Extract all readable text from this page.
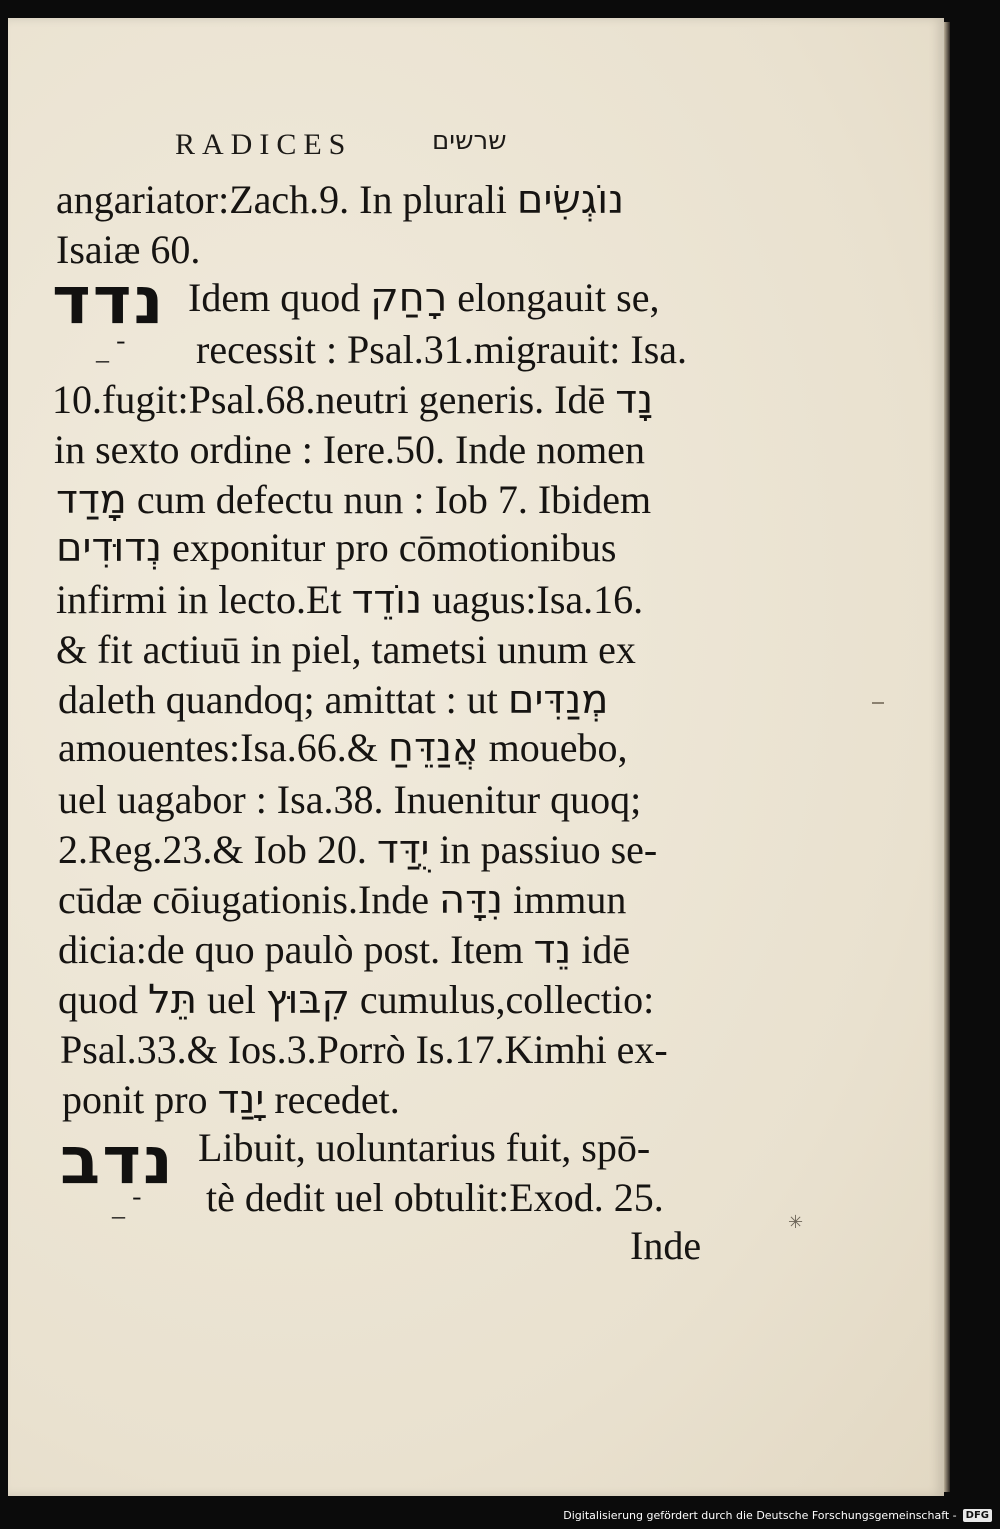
RADICES	שרשים
נדד
_ ־
נדב
_ ־
angariator:Zach.9. In plurali נוֹגְשִׂים
Isaiæ 60.
Idem quod רָחַק elongauit se,
recessit : Psal.31.migrauit: Isa.
10.fugit:Psal.68.neutri generis. Idē נָד
in sexto ordine : Iere.50. Inde nomen
מָדַד cum defectu nun : Iob 7. Ibidem
נְדוּדִים exponitur pro cōmotionibus
infirmi in lecto.Et נוֹדֵד uagus:Isa.16.
& fit actiuū in piel, tametsi unum ex
daleth quandoq; amittat : ut מְנַדִּים
amouentes:Isa.66.& אֲנַדֵּחַ mouebo,
uel uagabor : Isa.38. Inuenitur quoq;
2.Reg.23.& Iob 20. יֻדַּד in passiuo se-
cūdæ cōiugationis.Inde נִדָּה immun
dicia:de quo paulò post. Item נֵד idē
quod תֵּל uel קִבּוּץ cumulus,collectio:
Psal.33.& Ios.3.Porrò Is.17.Kimhi ex-
ponit pro יָנַד recedet.
Libuit, uoluntarius fuit, spō-
tè dedit uel obtulit:Exod. 25.
Inde
✳
Digitalisierung gefördert durch die Deutsche Forschungsgemeinschaft - DFG
